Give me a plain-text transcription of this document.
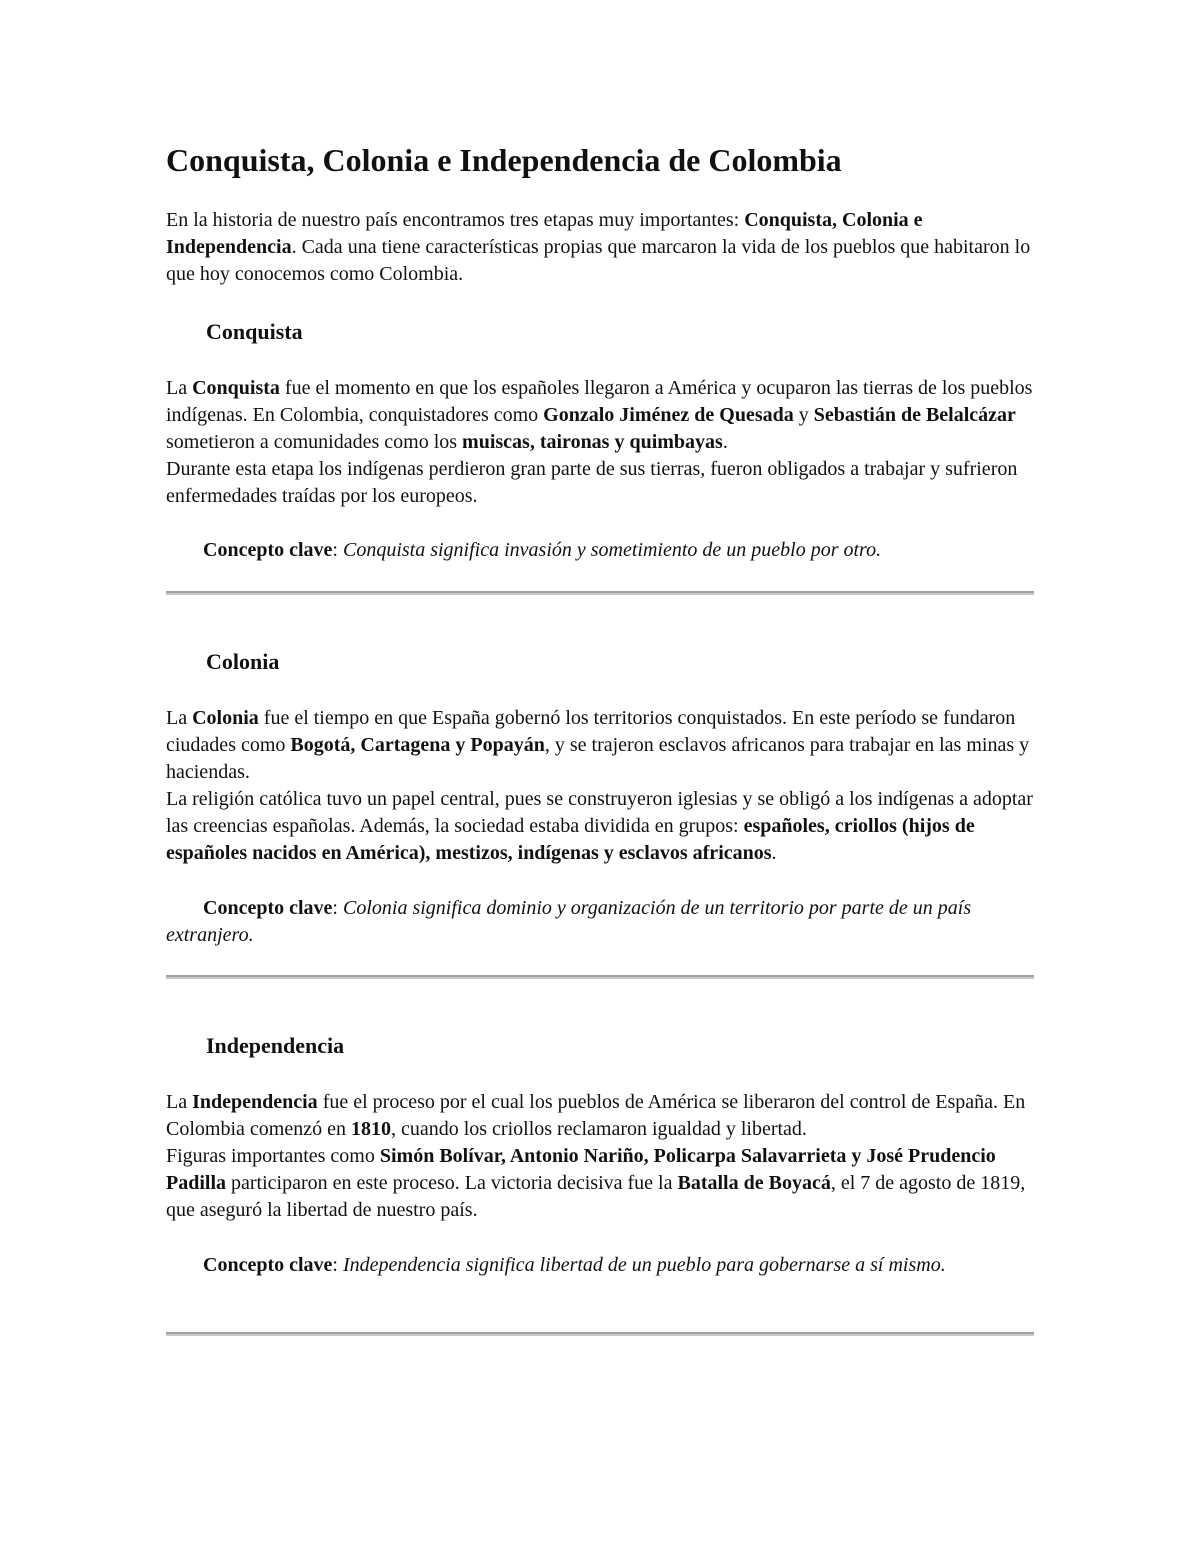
Conquista, Colonia e Independencia de Colombia

En la historia de nuestro país encontramos tres etapas muy importantes: Conquista, Colonia e Independencia. Cada una tiene características propias que marcaron la vida de los pueblos que habitaron lo que hoy conocemos como Colombia.

Conquista

La Conquista fue el momento en que los españoles llegaron a América y ocuparon las tierras de los pueblos indígenas. En Colombia, conquistadores como Gonzalo Jiménez de Quesada y Sebastián de Belalcázar sometieron a comunidades como los muiscas, taironas y quimbayas.
Durante esta etapa los indígenas perdieron gran parte de sus tierras, fueron obligados a trabajar y sufrieron enfermedades traídas por los europeos.

Concepto clave: Conquista significa invasión y sometimiento de un pueblo por otro.

Colonia

La Colonia fue el tiempo en que España gobernó los territorios conquistados. En este período se fundaron ciudades como Bogotá, Cartagena y Popayán, y se trajeron esclavos africanos para trabajar en las minas y haciendas.
La religión católica tuvo un papel central, pues se construyeron iglesias y se obligó a los indígenas a adoptar las creencias españolas. Además, la sociedad estaba dividida en grupos: españoles, criollos (hijos de españoles nacidos en América), mestizos, indígenas y esclavos africanos.

Concepto clave: Colonia significa dominio y organización de un territorio por parte de un país extranjero.

Independencia

La Independencia fue el proceso por el cual los pueblos de América se liberaron del control de España. En Colombia comenzó en 1810, cuando los criollos reclamaron igualdad y libertad.
Figuras importantes como Simón Bolívar, Antonio Nariño, Policarpa Salavarrieta y José Prudencio Padilla participaron en este proceso. La victoria decisiva fue la Batalla de Boyacá, el 7 de agosto de 1819, que aseguró la libertad de nuestro país.

Concepto clave: Independencia significa libertad de un pueblo para gobernarse a sí mismo.
